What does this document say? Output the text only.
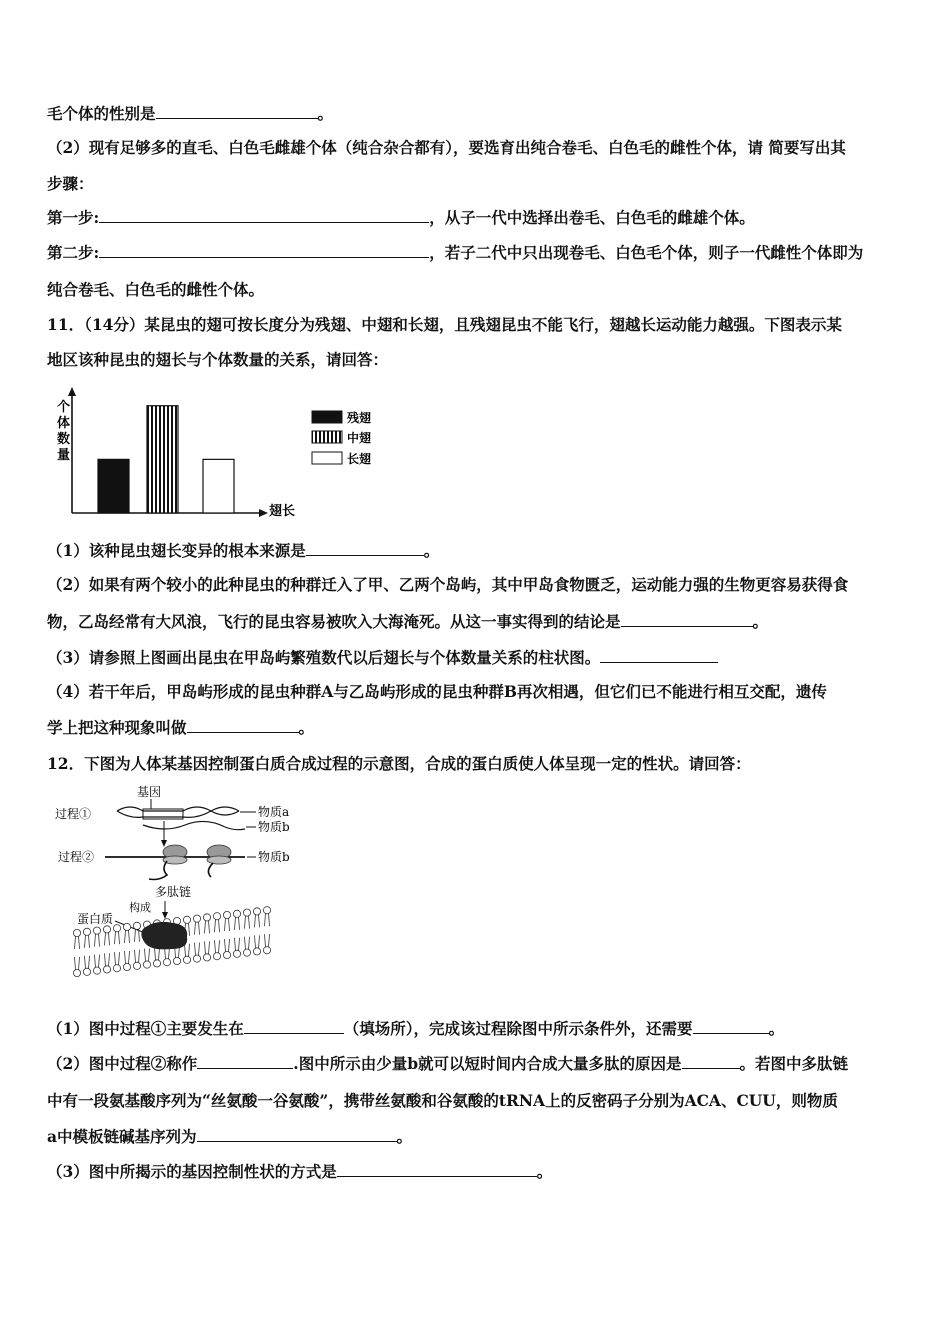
毛个体的性别是	。
（2）现有足够多的直毛、白色毛雌雄个体（纯合杂合都有），要选育出纯合卷毛、白色毛的雌性个体，请 简要写出其
步骤：
第一步:	，从子一代中选择出卷毛、白色毛的雌雄个体。
第二步:	，若子二代中只出现卷毛、白色毛个体，则子一代雌性个体即为
纯合卷毛、白色毛的雌性个体。
11．（14分）某昆虫的翅可按长度分为残翅、中翅和长翅，且残翅昆虫不能飞行，翅越长运动能力越强。下图表示某
地区该种昆虫的翅长与个体数量的关系，请回答：
个
体
数
量
翅长
残翅
中翅
长翅
（1）该种昆虫翅长变异的根本来源是	。
（2）如果有两个较小的此种昆虫的种群迁入了甲、乙两个岛屿，其中甲岛食物匮乏，运动能力强的生物更容易获得食
物，乙岛经常有大风浪，飞行的昆虫容易被吹入大海淹死。从这一事实得到的结论是	。
（3）请参照上图画出昆虫在甲岛屿繁殖数代以后翅长与个体数量关系的柱状图。
（4）若干年后，甲岛屿形成的昆虫种群A与乙岛屿形成的昆虫种群B再次相遇，但它们已不能进行相互交配，遗传
学上把这种现象叫做	。
12．下图为人体某基因控制蛋白质合成过程的示意图，合成的蛋白质使人体呈现一定的性状。请回答：
基因
过程①	物质a
物质b
过程②	物质b
多肽链
构成
蛋白质
（1）图中过程①主要发生在	（填场所），完成该过程除图中所示条件外，还需要	。
（2）图中过程②称作	.图中所示由少量b就可以短时间内合成大量多肽的原因是	。若图中多肽链
中有一段氨基酸序列为“丝氨酸一谷氨酸”，携带丝氨酸和谷氨酸的tRNA上的反密码子分别为ACA、CUU，则物质
a中模板链碱基序列为	。
（3）图中所揭示的基因控制性状的方式是	。
